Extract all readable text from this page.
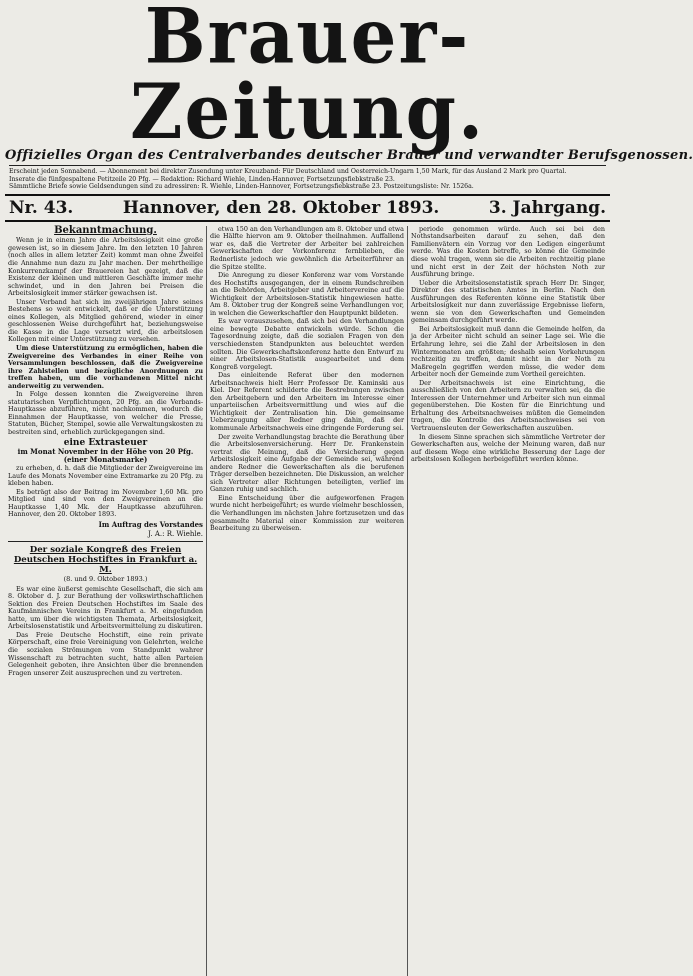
Brauer-Zeitung.
Offizielles Organ des Centralverbandes deutscher Brauer und verwandter Berufsgenossen.

Erscheint jeden Sonnabend. — Abonnement bei direkter Zusendung unter Kreuzband: Für Deutschland und Oesterreich-Ungarn 1,50 Mark, für das Ausland 2 Mark pro Quartal.

Inserate die fünfgespaltene Petitzeile 20 Pfg. — Redaktion: Richard Wiehle, Linden-Hannover, Fortsetzungsfiebkstraße 23.

Sämmtliche Briefe sowie Geldsendungen sind zu adressiren: R. Wiehle, Linden-Hannover, Fortsetzungsfiebkstraße 23. Postzeitungsliste: Nr. 1526a.

Nr. 43.	Hannover, den 28. Oktober 1893.	3. Jahrgang.
Bekanntmachung.

Wenn je in einem Jahre die Arbeitslosigkeit eine große gewesen ist, so in diesem Jahre. Im den letzten 10 Jahren (noch alles in allem letzter Zeit) kommt man ohne Zweifel die Annahme nun dazu zu Jahr machen. Der mehrtheilige Konkurrenzkampf der Brauereien hat gezeigt, daß die Existenz der kleinen und mittleren Geschäfte immer mehr schwindet, und in den Jahren bei Preisen die Arbeitslosigkeit immer stärker gewachsen ist.

Unser Verband hat sich im zweijährigen Jahre seines Bestehens so weit entwickelt, daß er die Unterstützung eines Kollegen, als Mitglied gehörend, wieder in einer geschlossenen Weise durchgeführt hat, beziehungsweise die Kasse in die Lage versetzt wird, die arbeitslosen Kollegen mit einer Unterstützung zu versehen.

Um diese Unterstützung zu ermöglichen, haben die Zweigvereine des Verbandes in einer Reihe von Versammlungen beschlossen, daß die Zweigvereine ihre Zahlstellen und bezügliche Anordnungen zu treffen haben, um die vorhandenen Mittel nicht anderweitig zu verwenden.

In Folge dessen konnten die Zweigvereine ihren statutarischen Verpflichtungen, 20 Pfg. an die Verbands-Hauptkasse abzuführen, nicht nachkommen, wodurch die Einnahmen der Hauptkasse, von welcher die Presse, Statuten, Bücher, Stempel, sowie alle Verwaltungskosten zu bestreiten sind, erheblich zurückgegangen sind.

eine Extrasteuer
im Monat November in der Höhe von 20 Pfg. (einer Monatsmarke)

zu erheben, d. h. daß die Mitglieder der Zweigvereine im Laufe des Monats November eine Extramarke zu 20 Pfg. zu kleben haben.

Es beträgt also der Beitrag im November 1,60 Mk. pro Mitglied und sind von den Zweigvereinen an die Hauptkasse 1,40 Mk. der Hauptkasse abzuführen. Hannover, den 20. Oktober 1893.

Im Auftrag des Vorstandes
J. A.: R. Wiehle.
Der soziale Kongreß des Freien Deutschen Hochstiftes in Frankfurt a. M.
(8. und 9. Oktober 1893.)

Es war eine äußerst gemischte Gesellschaft, die sich am 8. Oktober d. J. zur Berathung der volkswirthschaftlichen Sektion des Freien Deutschen Hochstiftes im Saale des Kaufmännischen Vereins in Frankfurt a. M. eingefunden hatte, um über die wichtigsten Themata, Arbeitslosigkeit, Arbeitslosenstatistik und Arbeitsvermittelung zu diskutiren.

Das Freie Deutsche Hochstift, eine rein private Körperschaft, eine freie Vereinigung von Gelehrten, welche die sozialen Strömungen vom Standpunkt wahrer Wissenschaft zu betrachten sucht, hatte allen Parteien Gelegenheit geboten, ihre Ansichten über die brennenden Fragen unserer Zeit auszusprechen und zu vertreten.

etwa 150 an den Verhandlungen am 8. Oktober und etwa die Hälfte hiervon am 9. Oktober theilnahmen. Auffallend war es, daß die Vertreter der Arbeiter bei zahlreichen Gewerkschaften der Vorkonferenz fernblieben, die Rednerliste jedoch wie gewöhnlich die Arbeiterführer an die Spitze stellte.

Die Anregung zu dieser Konferenz war vom Vorstande des Hochstifts ausgegangen, der in einem Rundschreiben an die Behörden, Arbeitgeber und Arbeitervereine auf die Wichtigkeit der Arbeitslosen-Statistik hingewiesen hatte. Am 8. Oktober trug der Kongreß seine Verhandlungen vor, in welchen die Gewerkschaftler den Hauptpunkt bildeten.

Es war vorauszusehen, daß sich bei den Verhandlungen eine bewegte Debatte entwickeln würde. Schon die Tagesordnung zeigte, daß die sozialen Fragen von den verschiedensten Standpunkten aus beleuchtet werden sollten. Die Gewerkschaftskonferenz hatte den Entwurf zu einer Arbeitslosen-Statistik ausgearbeitet und dem Kongreß vorgelegt.

Das einleitende Referat über den modernen Arbeitsnachweis hielt Herr Professor Dr. Kaminski aus Kiel. Der Referent schilderte die Bestrebungen zwischen den Arbeitgebern und den Arbeitern im Interesse einer unparteiischen Arbeitsvermittlung und wies auf die Wichtigkeit der Zentralisation hin. Die gemeinsame Ueberzeugung aller Redner ging dahin, daß der kommunale Arbeitsnachweis eine dringende Forderung sei.

Der zweite Verhandlungstag brachte die Berathung über die Arbeitslosenversicherung. Herr Dr. Frankenstein vertrat die Meinung, daß die Versicherung gegen Arbeitslosigkeit eine Aufgabe der Gemeinde sei, während andere Redner die Gewerkschaften als die berufenen Träger derselben bezeichneten. Die Diskussion, an welcher sich Vertreter aller Richtungen beteiligten, verlief im Ganzen ruhig und sachlich.

Eine Entscheidung über die aufgeworfenen Fragen wurde nicht herbeigeführt; es wurde vielmehr beschlossen, die Verhandlungen im nächsten Jahre fortzusetzen und das gesammelte Material einer Kommission zur weiteren Bearbeitung zu überweisen.

periode genommen würde. Auch sei bei den Nothstandsarbeiten darauf zu sehen, daß den Familienvätern ein Vorzug vor den Ledigen eingeräumt werde. Was die Kosten betreffe, so könne die Gemeinde diese wohl tragen, wenn sie die Arbeiten rechtzeitig plane und nicht erst in der Zeit der höchsten Noth zur Ausführung bringe.

Ueber die Arbeitslosenstatistik sprach Herr Dr. Singer, Direktor des statistischen Amtes in Berlin. Nach den Ausführungen des Referenten könne eine Statistik über Arbeitslosigkeit nur dann zuverlässige Ergebnisse liefern, wenn sie von den Gewerkschaften und Gemeinden gemeinsam durchgeführt werde.

Bei Arbeitslosigkeit muß dann die Gemeinde helfen, da ja der Arbeiter nicht schuld an seiner Lage sei. Wie die Erfahrung lehre, sei die Zahl der Arbeitslosen in den Wintermonaten am größten; deshalb seien Vorkehrungen rechtzeitig zu treffen, damit nicht in der Noth zu Maßregeln gegriffen werden müsse, die weder dem Arbeiter noch der Gemeinde zum Vortheil gereichten.

Der Arbeitsnachweis ist eine Einrichtung, die ausschließlich von den Arbeitern zu verwalten sei, da die Interessen der Unternehmer und Arbeiter sich nun einmal gegenüberstehen. Die Kosten für die Einrichtung und Erhaltung des Arbeitsnachweises müßten die Gemeinden tragen, die Kontrolle des Arbeitsnachweises sei von Vertrauensleuten der Gewerkschaften auszuüben.

In diesem Sinne sprachen sich sämmtliche Vertreter der Gewerkschaften aus, welche der Meinung waren, daß nur auf diesem Wege eine wirkliche Besserung der Lage der arbeitslosen Kollegen herbeigeführt werden könne.
